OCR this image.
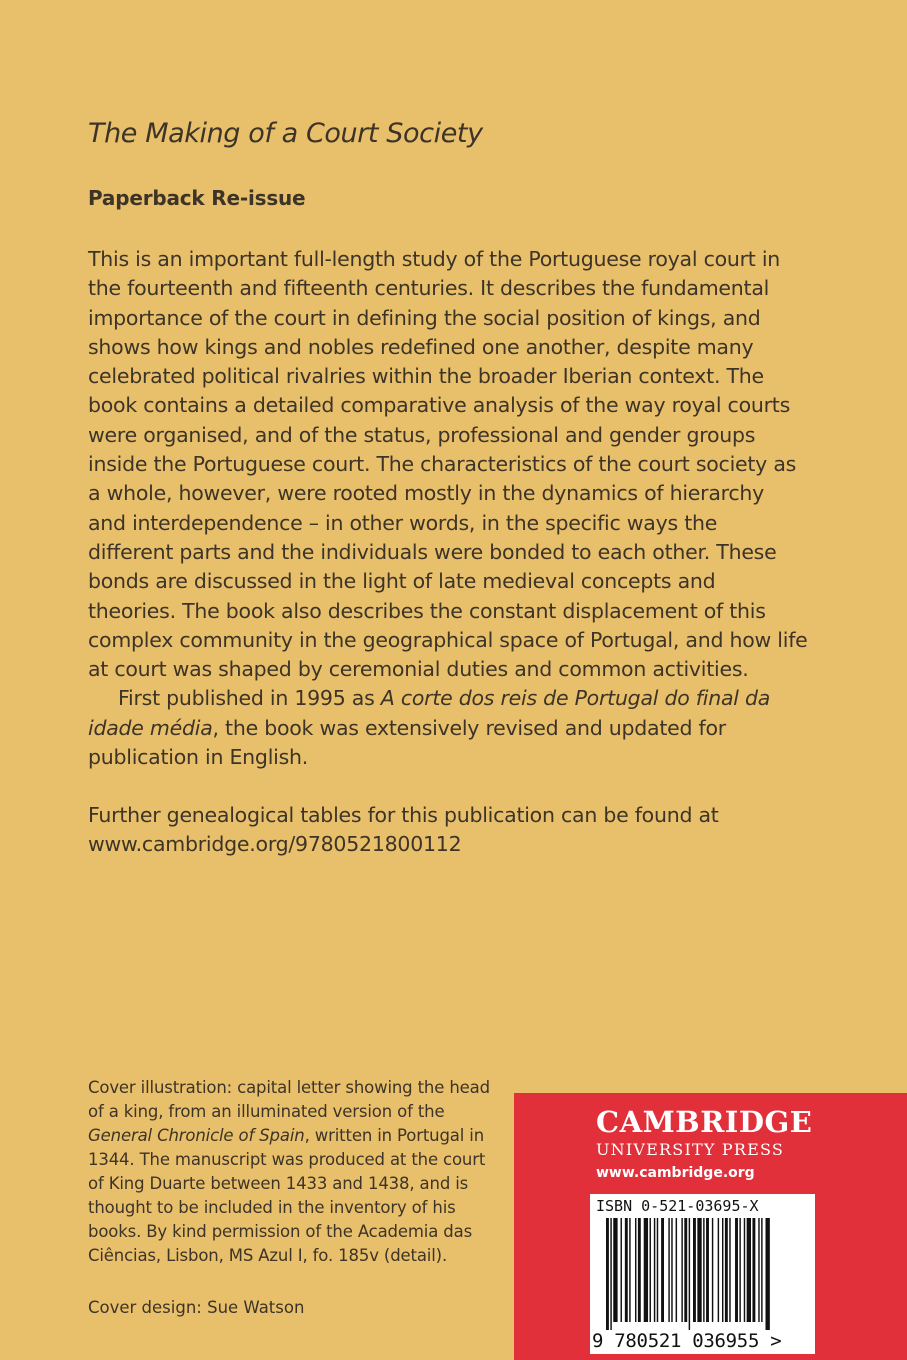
The Making of a Court Society
Paperback Re-issue

This is an important full-length study of the Portuguese royal court in the fourteenth and fifteenth centuries. It describes the fundamental importance of the court in defining the social position of kings, and shows how kings and nobles redefined one another, despite many celebrated political rivalries within the broader Iberian context. The book contains a detailed comparative analysis of the way royal courts were organised, and of the status, professional and gender groups inside the Portuguese court. The characteristics of the court society as a whole, however, were rooted mostly in the dynamics of hierarchy and interdependence – in other words, in the specific ways the different parts and the individuals were bonded to each other. These bonds are discussed in the light of late medieval concepts and theories. The book also describes the constant displacement of this complex community in the geographical space of Portugal, and how life at court was shaped by ceremonial duties and common activities.

First published in 1995 as A corte dos reis de Portugal do final da idade média, the book was extensively revised and updated for publication in English.

Further genealogical tables for this publication can be found at
www.cambridge.org/9780521800112
Cover illustration: capital letter showing the head of a king, from an illuminated version of the General Chronicle of Spain, written in Portugal in 1344. The manuscript was produced at the court of King Duarte between 1433 and 1438, and is thought to be included in the inventory of his books. By kind permission of the Academia das Ciências, Lisbon, MS Azul I, fo. 185v (detail).
Cover design: Sue Watson
CAMBRIDGE
UNIVERSITY PRESS
www.cambridge.org
ISBN 0-521-03695-X
9 780521 036955 >
